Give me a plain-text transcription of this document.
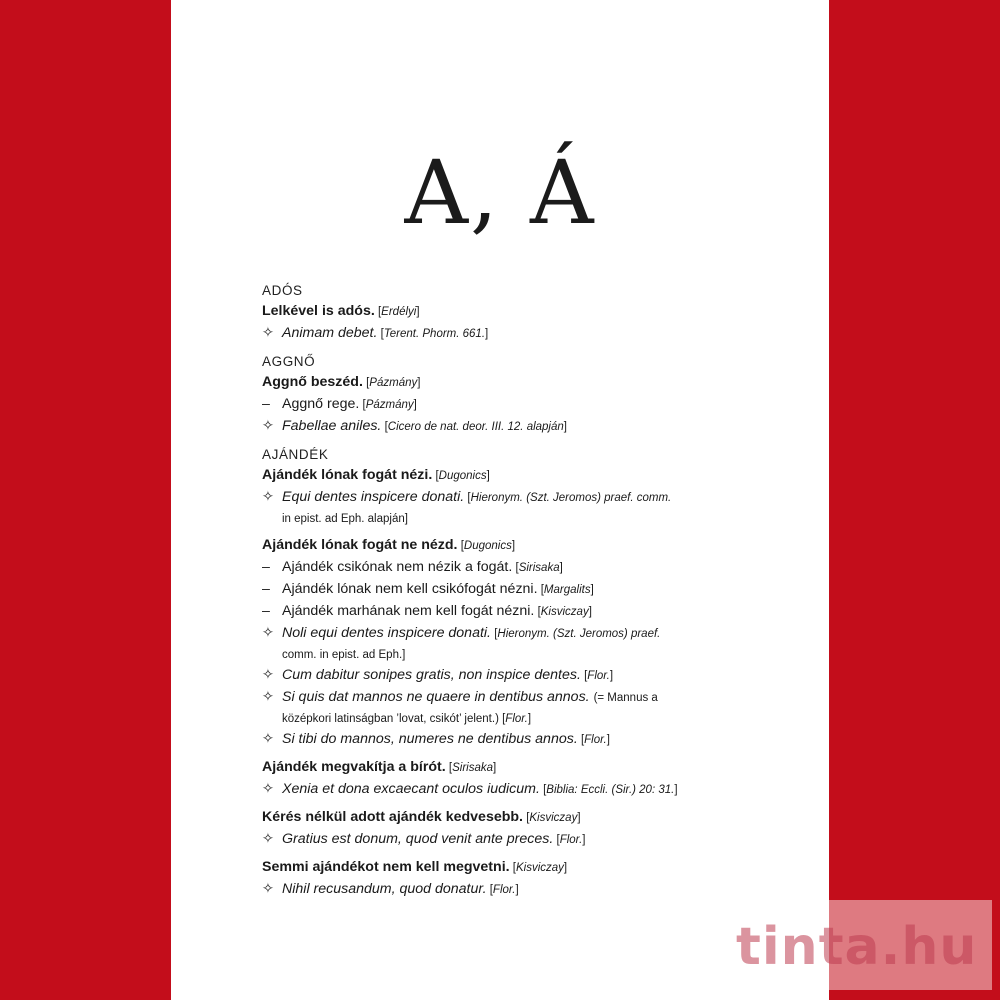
A, Á
ADÓS
Lelkével is adós. [Erdélyi]
✧ Animam debet. [Terent. Phorm. 661.]
AGGNŐ
Aggnő beszéd. [Pázmány]
– Aggnő rege. [Pázmány]
✧ Fabellae aniles. [Cicero de nat. deor. III. 12. alapján]
AJÁNDÉK
Ajándék lónak fogát nézi. [Dugonics]
✧ Equi dentes inspicere donati. [Hieronym. (Szt. Jeromos) praef. comm.
in epist. ad Eph. alapján]
Ajándék lónak fogát ne nézd. [Dugonics]
– Ajándék csikónak nem nézik a fogát. [Sirisaka]
– Ajándék lónak nem kell csikófogát nézni. [Margalits]
– Ajándék marhának nem kell fogát nézni. [Kisviczay]
✧ Noli equi dentes inspicere donati. [Hieronym. (Szt. Jeromos) praef.
comm. in epist. ad Eph.]
✧ Cum dabitur sonipes gratis, non inspice dentes. [Flor.]
✧ Si quis dat mannos ne quaere in dentibus annos. (= Mannus a
középkori latinságban ’lovat, csikót’ jelent.) [Flor.]
✧ Si tibi do mannos, numeres ne dentibus annos. [Flor.]
Ajándék megvakítja a bírót. [Sirisaka]
✧ Xenia et dona excaecant oculos iudicum. [Biblia: Eccli. (Sir.) 20: 31.]
Kérés nélkül adott ajándék kedvesebb. [Kisviczay]
✧ Gratius est donum, quod venit ante preces. [Flor.]
Semmi ajándékot nem kell megvetni. [Kisviczay]
✧ Nihil recusandum, quod donatur. [Flor.]
tinta.hu
